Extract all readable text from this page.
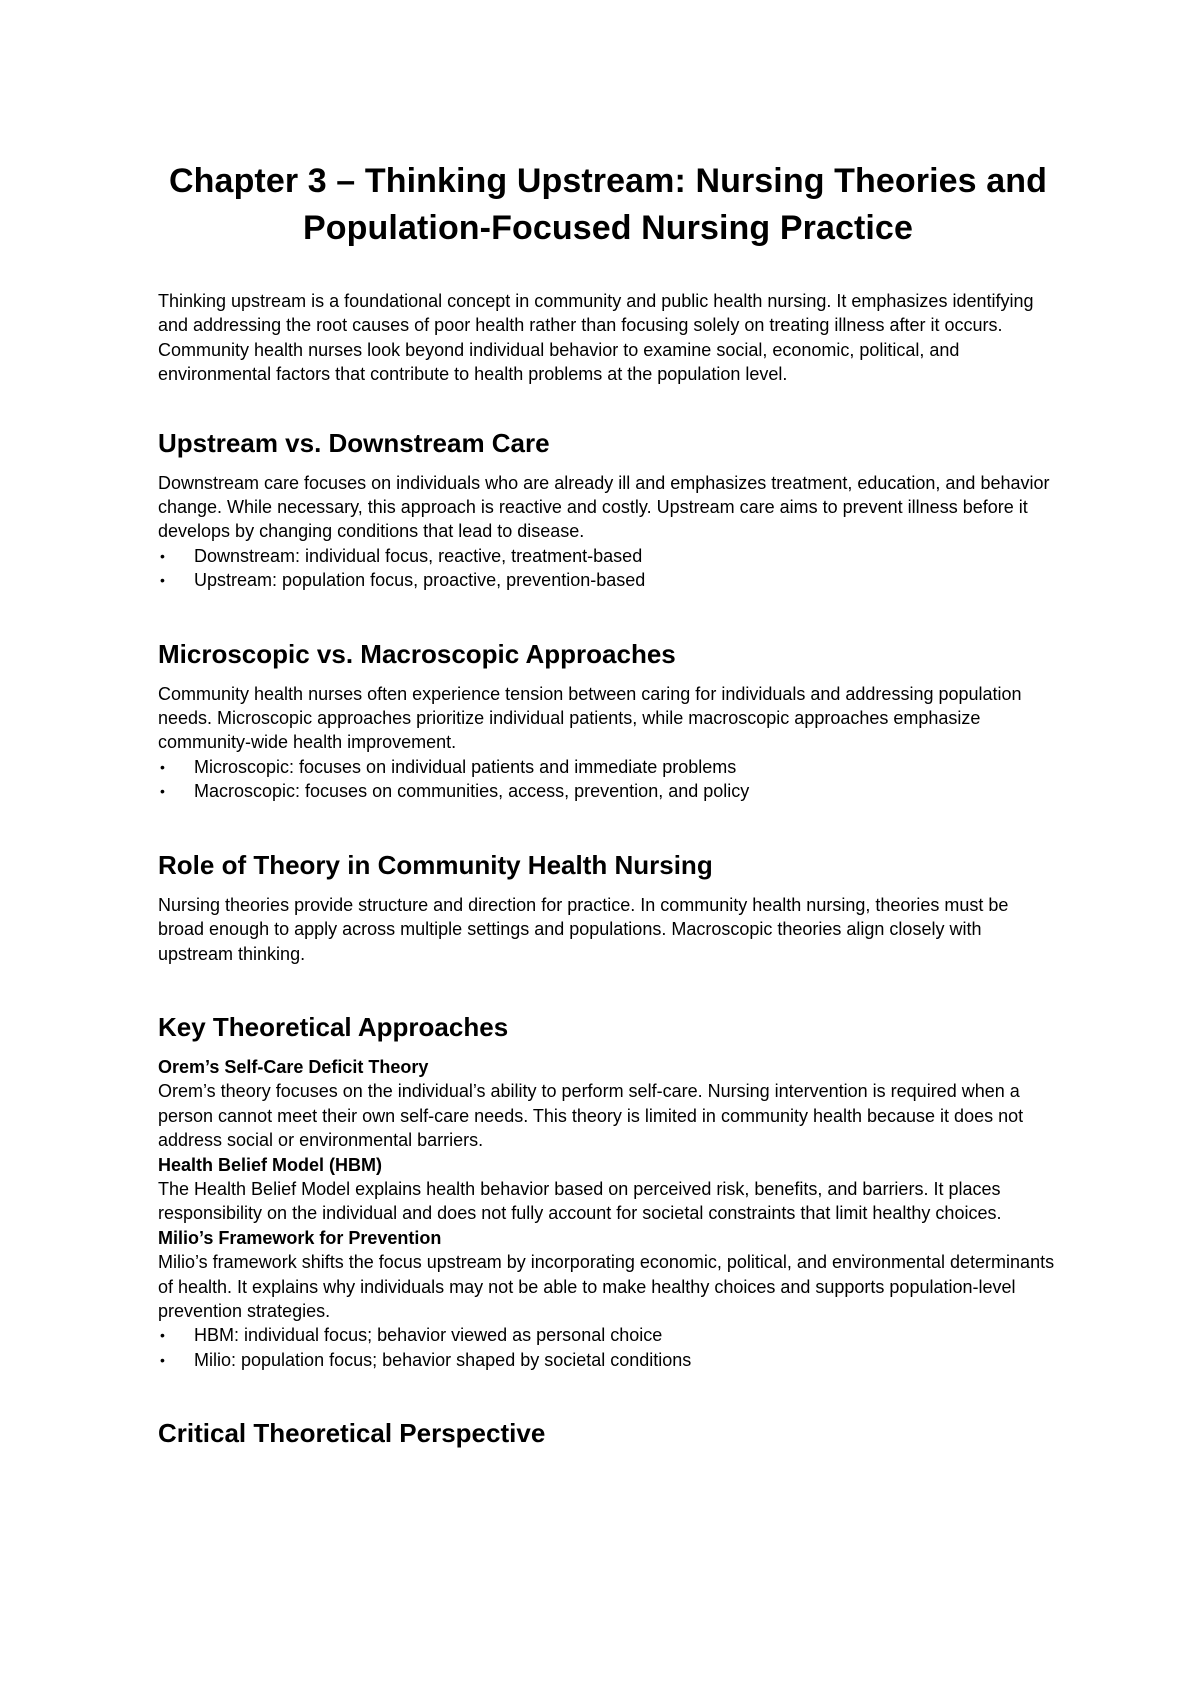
Chapter 3 – Thinking Upstream: Nursing Theories and Population-Focused Nursing Practice

Thinking upstream is a foundational concept in community and public health nursing. It emphasizes identifying and addressing the root causes of poor health rather than focusing solely on treating illness after it occurs. Community health nurses look beyond individual behavior to examine social, economic, political, and environmental factors that contribute to health problems at the population level.

Upstream vs. Downstream Care

Downstream care focuses on individuals who are already ill and emphasizes treatment, education, and behavior change. While necessary, this approach is reactive and costly. Upstream care aims to prevent illness before it develops by changing conditions that lead to disease.

• Downstream: individual focus, reactive, treatment-based
• Upstream: population focus, proactive, prevention-based
Microscopic vs. Macroscopic Approaches

Community health nurses often experience tension between caring for individuals and addressing population needs. Microscopic approaches prioritize individual patients, while macroscopic approaches emphasize community-wide health improvement.

• Microscopic: focuses on individual patients and immediate problems
• Macroscopic: focuses on communities, access, prevention, and policy
Role of Theory in Community Health Nursing

Nursing theories provide structure and direction for practice. In community health nursing, theories must be broad enough to apply across multiple settings and populations. Macroscopic theories align closely with upstream thinking.

Key Theoretical Approaches
Orem’s Self-Care Deficit Theory

Orem’s theory focuses on the individual’s ability to perform self-care. Nursing intervention is required when a person cannot meet their own self-care needs. This theory is limited in community health because it does not address social or environmental barriers.

Health Belief Model (HBM)

The Health Belief Model explains health behavior based on perceived risk, benefits, and barriers. It places responsibility on the individual and does not fully account for societal constraints that limit healthy choices.

Milio’s Framework for Prevention

Milio’s framework shifts the focus upstream by incorporating economic, political, and environmental determinants of health. It explains why individuals may not be able to make healthy choices and supports population-level prevention strategies.

• HBM: individual focus; behavior viewed as personal choice
• Milio: population focus; behavior shaped by societal conditions
Critical Theoretical Perspective
